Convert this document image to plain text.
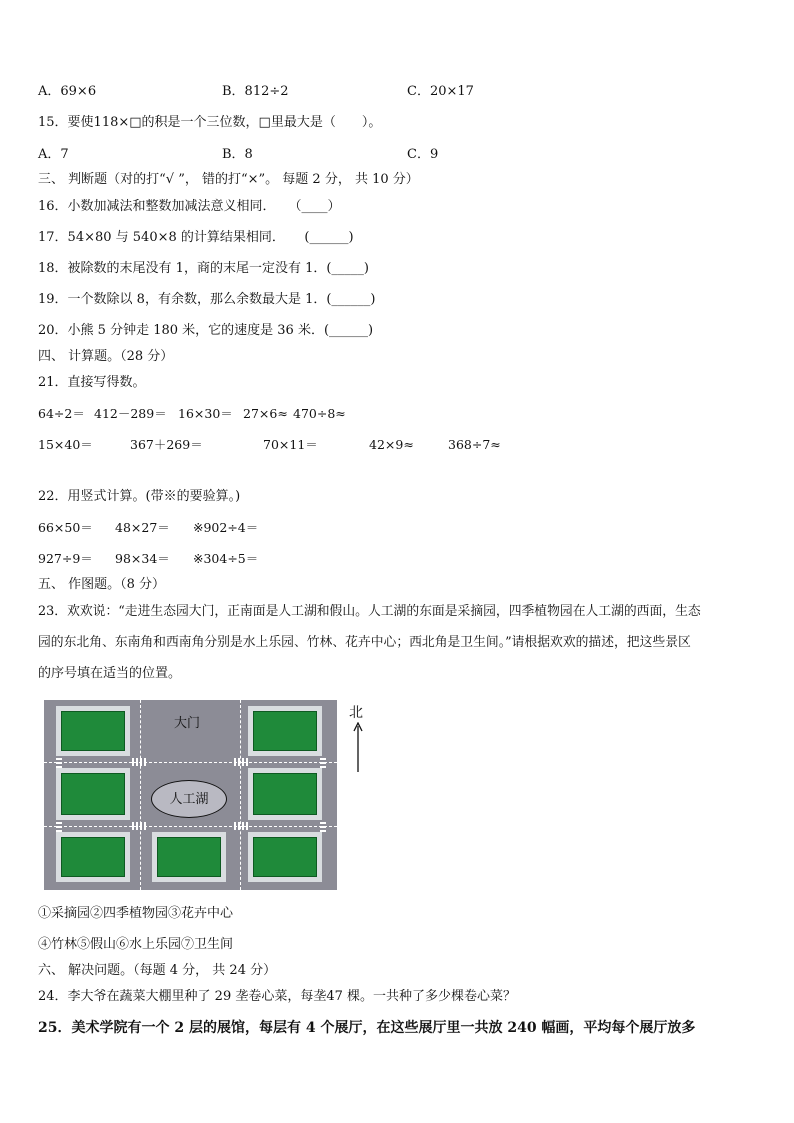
A．69×6	B．812÷2	C．20×17
15．要使118×□的积是一个三位数，□里最大是（　　）。
A．7	B．8	C．9
三、 判断题（对的打“√ ”， 错的打“×”。 每题 2 分， 共 10 分）
16．小数加减法和整数加减法意义相同．　　（____）
17．54×80 与 540×8 的计算结果相同．　　(______)
18．被除数的末尾没有 1，商的末尾一定没有 1．(_____)
19．一个数除以 8，有余数，那么余数最大是 1．(______)
20．小熊 5 分钟走 180 米，它的速度是 36 米．(______)
四、 计算题。（28 分）
21．直接写得数。
64÷2＝ 412－289＝ 16×30＝ 27×6≈ 470÷8≈
15×40＝	367＋269＝	70×11＝	42×9≈	368÷7≈
22．用竖式计算。(带※的要验算。)
66×50＝ 48×27＝ ※902÷4＝
927÷9＝ 98×34＝ ※304÷5＝
五、 作图题。（8 分）
23．欢欢说：“走进生态园大门，正南面是人工湖和假山。人工湖的东面是采摘园，四季植物园在人工湖的西面，生态
园的东北角、东南角和西南角分别是水上乐园、竹林、花卉中心；西北角是卫生间。”请根据欢欢的描述，把这些景区
的序号填在适当的位置。
大门
人工湖
北
①采摘园②四季植物园③花卉中心
④竹林⑤假山⑥水上乐园⑦卫生间
六、 解决问题。（每题 4 分， 共 24 分）
24．李大爷在蔬菜大棚里种了 29 垄卷心菜，每垄47 棵。一共种了多少棵卷心菜？
25．美术学院有一个 2 层的展馆，每层有 4 个展厅，在这些展厅里一共放 240 幅画，平均每个展厅放多
